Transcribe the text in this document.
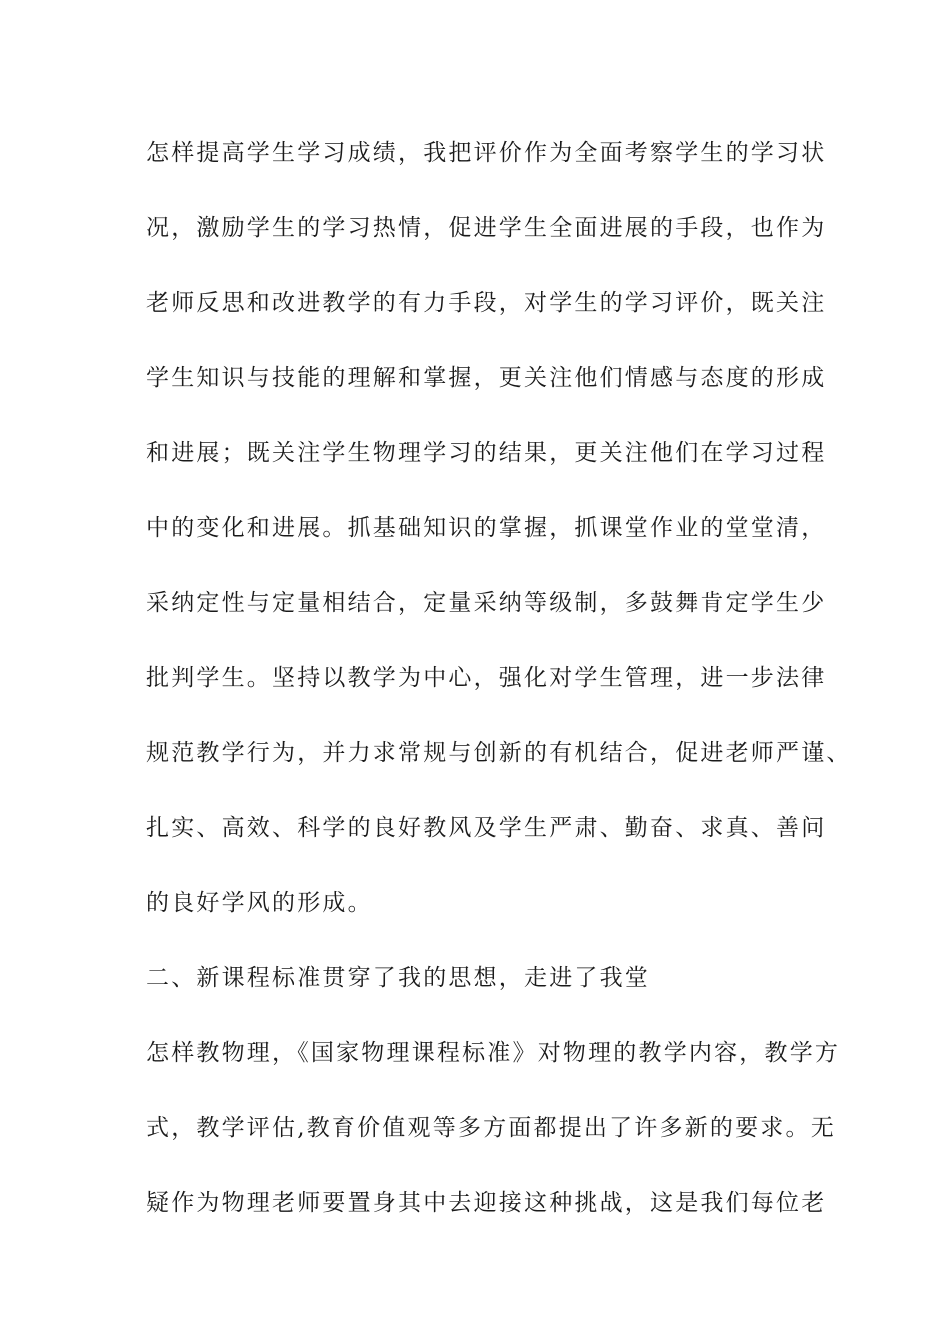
怎样提高学生学习成绩，我把评价作为全面考察学生的学习状
况，激励学生的学习热情，促进学生全面进展的手段，也作为
老师反思和改进教学的有力手段，对学生的学习评价，既关注
学生知识与技能的理解和掌握，更关注他们情感与态度的形成
和进展；既关注学生物理学习的结果，更关注他们在学习过程
中的变化和进展。抓基础知识的掌握，抓课堂作业的堂堂清，
采纳定性与定量相结合，定量采纳等级制，多鼓舞肯定学生少
批判学生。坚持以教学为中心，强化对学生管理，进一步法律
规范教学行为，并力求常规与创新的有机结合，促进老师严谨、
扎实、高效、科学的良好教风及学生严肃、勤奋、求真、善问
的良好学风的形成。
二、新课程标准贯穿了我的思想，走进了我堂
怎样教物理，《国家物理课程标准》对物理的教学内容，教学方
式，教学评估,教育价值观等多方面都提出了许多新的要求。无
疑作为物理老师要置身其中去迎接这种挑战，这是我们每位老
